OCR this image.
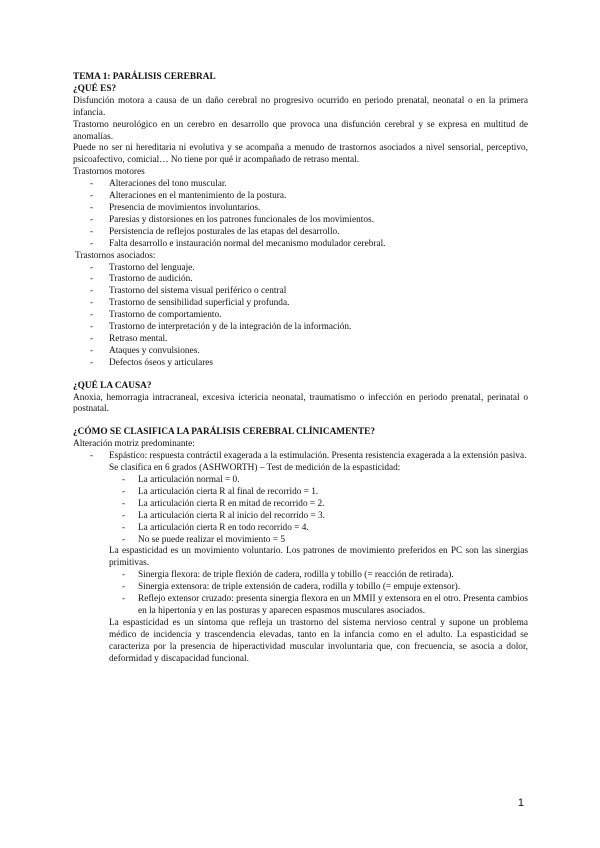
TEMA 1: PARÁLISIS CEREBRAL
¿QUÉ ES?
Disfunción motora a causa de un daño cerebral no progresivo ocurrido en periodo prenatal, neonatal o en la primera infancia.
Trastorno neurológico en un cerebro en desarrollo que provoca una disfunción cerebral y se expresa en multitud de anomalías.
Puede no ser ni hereditaria ni evolutiva y se acompaña a menudo de trastornos asociados a nivel sensorial, perceptivo, psicoafectivo, comicial… No tiene por qué ir acompañado de retraso mental.
Trastornos motores
- Alteraciones del tono muscular.
- Alteraciones en el mantenimiento de la postura.
- Presencia de movimientos involuntarios.
- Paresias y distorsiones en los patrones funcionales de los movimientos.
- Persistencia de reflejos posturales de las etapas del desarrollo.
- Falta desarrollo e instauración normal del mecanismo modulador cerebral.
Trastornos asociados:
- Trastorno del lenguaje.
- Trastorno de audición.
- Trastorno del sistema visual periférico o central
- Trastorno de sensibilidad superficial y profunda.
- Trastorno de comportamiento.
- Trastorno de interpretación y de la integración de la información.
- Retraso mental.
- Ataques y convulsiones.
- Defectos óseos y articulares
¿QUÉ LA CAUSA?
Anoxia, hemorragia intracraneal, excesiva ictericia neonatal, traumatismo o infección en periodo prenatal, perinatal o postnatal.
¿CÓMO SE CLASIFICA LA PARÁLISIS CEREBRAL CLÍNICAMENTE?
Alteración motriz predominante:
- Espástico: respuesta contráctil exagerada a la estimulación. Presenta resistencia exagerada a la extensión pasiva.
Se clasifica en 6 grados (ASHWORTH) – Test de medición de la espasticidad:
- La articulación normal = 0.
- La articulación cierta R al final de recorrido = 1.
- La articulación cierta R en mitad de recorrido = 2.
- La articulación cierta R al inicio del recorrido = 3.
- La articulación cierta R en todo recorrido = 4.
- No se puede realizar el movimiento = 5
La espasticidad es un movimiento voluntario. Los patrones de movimiento preferidos en PC son las sinergias primitivas.
- Sinergia flexora: de triple flexión de cadera, rodilla y tobillo (= reacción de retirada).
- Sinergia extensora: de triple extensión de cadera, rodilla y tobillo (= empuje extensor).
- Reflejo extensor cruzado: presenta sinergia flexora en un MMII y extensora en el otro. Presenta cambios en la hipertonía y en las posturas y aparecen espasmos musculares asociados.
La espasticidad es un síntoma que refleja un trastorno del sistema nervioso central y supone un problema médico de incidencia y trascendencia elevadas, tanto en la infancia como en el adulto. La espasticidad se caracteriza por la presencia de hiperactividad muscular involuntaria que, con frecuencia, se asocia a dolor, deformidad y discapacidad funcional.
1
